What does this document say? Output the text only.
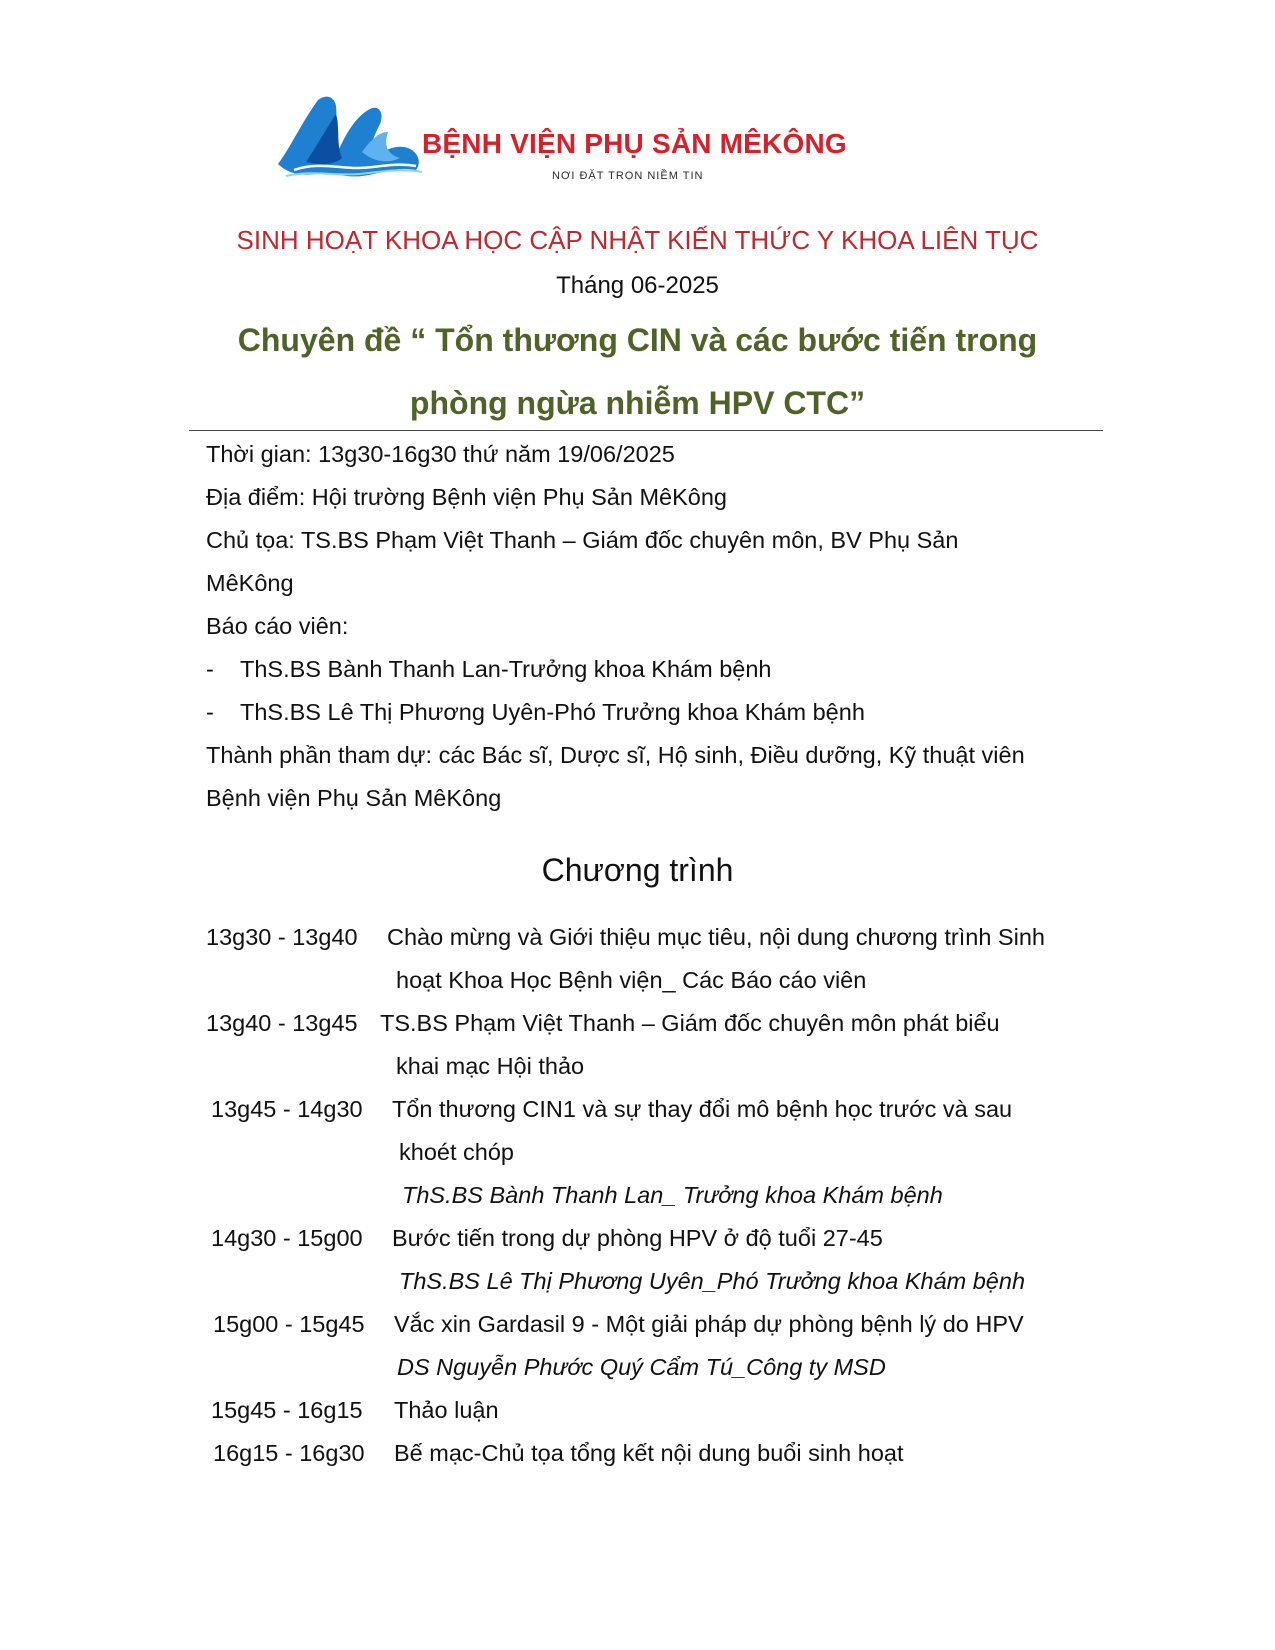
BỆNH VIỆN PHỤ SẢN MÊKÔNG
NƠI ĐẶT TRỌN NIỀM TIN
SINH HOẠT KHOA HỌC CẬP NHẬT KIẾN THỨC Y KHOA LIÊN TỤC
Tháng 06-2025
Chuyên đề “ Tổn thương CIN và các bước tiến trong
phòng ngừa nhiễm HPV CTC”
Thời gian: 13g30-16g30 thứ năm 19/06/2025
Địa điểm: Hội trường Bệnh viện Phụ Sản MêKông
Chủ tọa: TS.BS Phạm Việt Thanh – Giám đốc chuyên môn, BV Phụ Sản
MêKông
Báo cáo viên:
- ThS.BS Bành Thanh Lan-Trưởng khoa Khám bệnh
- ThS.BS Lê Thị Phương Uyên-Phó Trưởng khoa Khám bệnh
Thành phần tham dự: các Bác sĩ, Dược sĩ, Hộ sinh, Điều dưỡng, Kỹ thuật viên
Bệnh viện Phụ Sản MêKông
Chương trình
13g30 - 13g40 Chào mừng và Giới thiệu mục tiêu, nội dung chương trình Sinh
hoạt Khoa Học Bệnh viện_ Các Báo cáo viên
13g40 - 13g45 TS.BS Phạm Việt Thanh – Giám đốc chuyên môn phát biểu
khai mạc Hội thảo
13g45 - 14g30 Tổn thương CIN1 và sự thay đổi mô bệnh học trước và sau
khoét chóp
ThS.BS Bành Thanh Lan_ Trưởng khoa Khám bệnh
14g30 - 15g00 Bước tiến trong dự phòng HPV ở độ tuổi 27-45
ThS.BS Lê Thị Phương Uyên_Phó Trưởng khoa Khám bệnh
15g00 - 15g45 Vắc xin Gardasil 9 - Một giải pháp dự phòng bệnh lý do HPV
DS Nguyễn Phước Quý Cẩm Tú_Công ty MSD
15g45 - 16g15 Thảo luận
16g15 - 16g30 Bế mạc-Chủ tọa tổng kết nội dung buổi sinh hoạt
